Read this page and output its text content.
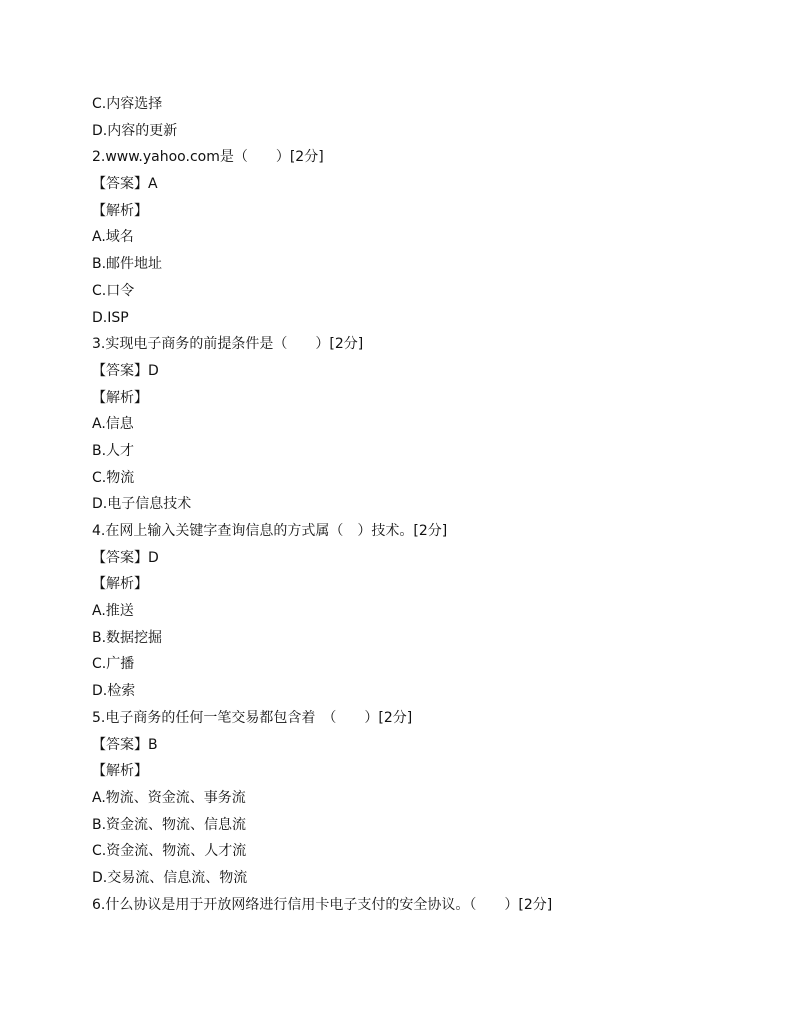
C.内容选择
D.内容的更新
2.www.yahoo.com是（　　）[2分]
【答案】A
【解析】
A.域名
B.邮件地址
C.口令
D.ISP
3.实现电子商务的前提条件是（　　）[2分]
【答案】D
【解析】
A.信息
B.人才
C.物流
D.电子信息技术
4.在网上输入关键字查询信息的方式属（　）技术。[2分]
【答案】D
【解析】
A.推送
B.数据挖掘
C.广播
D.检索
5.电子商务的任何一笔交易都包含着　（　　）[2分]
【答案】B
【解析】
A.物流、资金流、事务流
B.资金流、物流、信息流
C.资金流、物流、人才流
D.交易流、信息流、物流
6.什么协议是用于开放网络进行信用卡电子支付的安全协议。（　　）[2分]
